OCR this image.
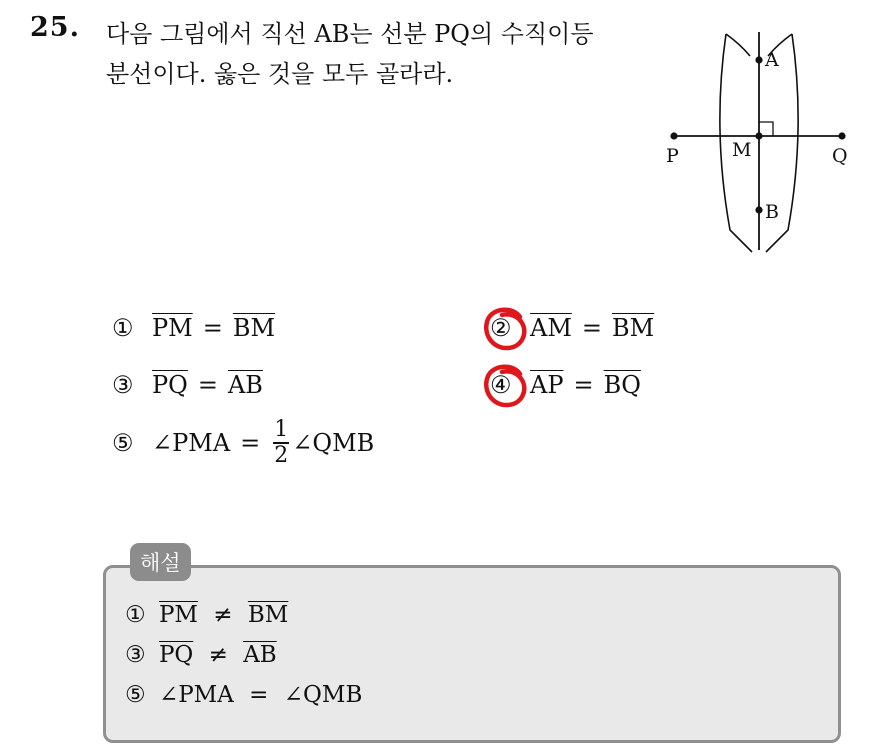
25. 다음 그림에서 직선 AB는 선분 PQ의 수직이등
분선이다. 옳은 것을 모두 골라라.	A
B
P	Q
M
① $\overline{PM} = \overline{BM}$	② $\overline{AM} = \overline{BM}$
③ $\overline{PQ} = \overline{AB}$	④ $\overline{AP} = \overline{BQ}$
⑤ ∠PMA = $\frac{1}{2}$ ∠QMB
해설
① $\overline{PM} \ne \overline{BM}$
③ $\overline{PQ} \ne \overline{AB}$
⑤ ∠PMA = ∠QMB
